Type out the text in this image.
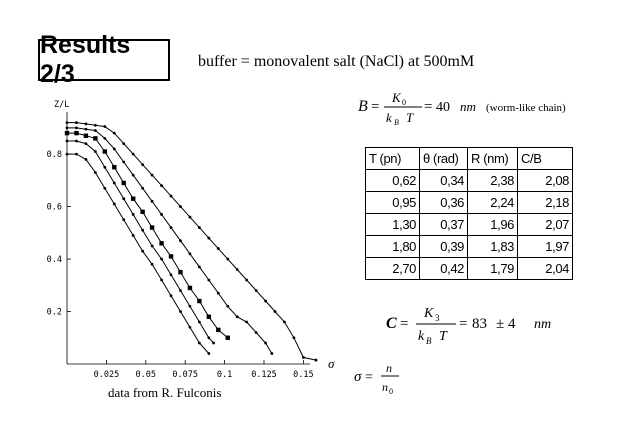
Results 2/3	buffer = monovalent salt (NaCl) at 500mM
Z/L
σ
0.025 0.05 0.075 0.1 0.125 0.15
0.2
0.4
0.6
0.8
B =
K 0
k B T
= 40 nm (worm-like chain)
T (pn)	θ (rad)	R (nm)	C/B
0,62	0,34	2,38	2,08
0,95	0,36	2,24	2,18
1,30	0,37	1,96	2,07
1,80	0,39	1,83	1,97
2,70	0,42	1,79	2,04
C =
K 3
k B T
= 83 ± 4 nm
σ =
n
n 0
data from R. Fulconis
